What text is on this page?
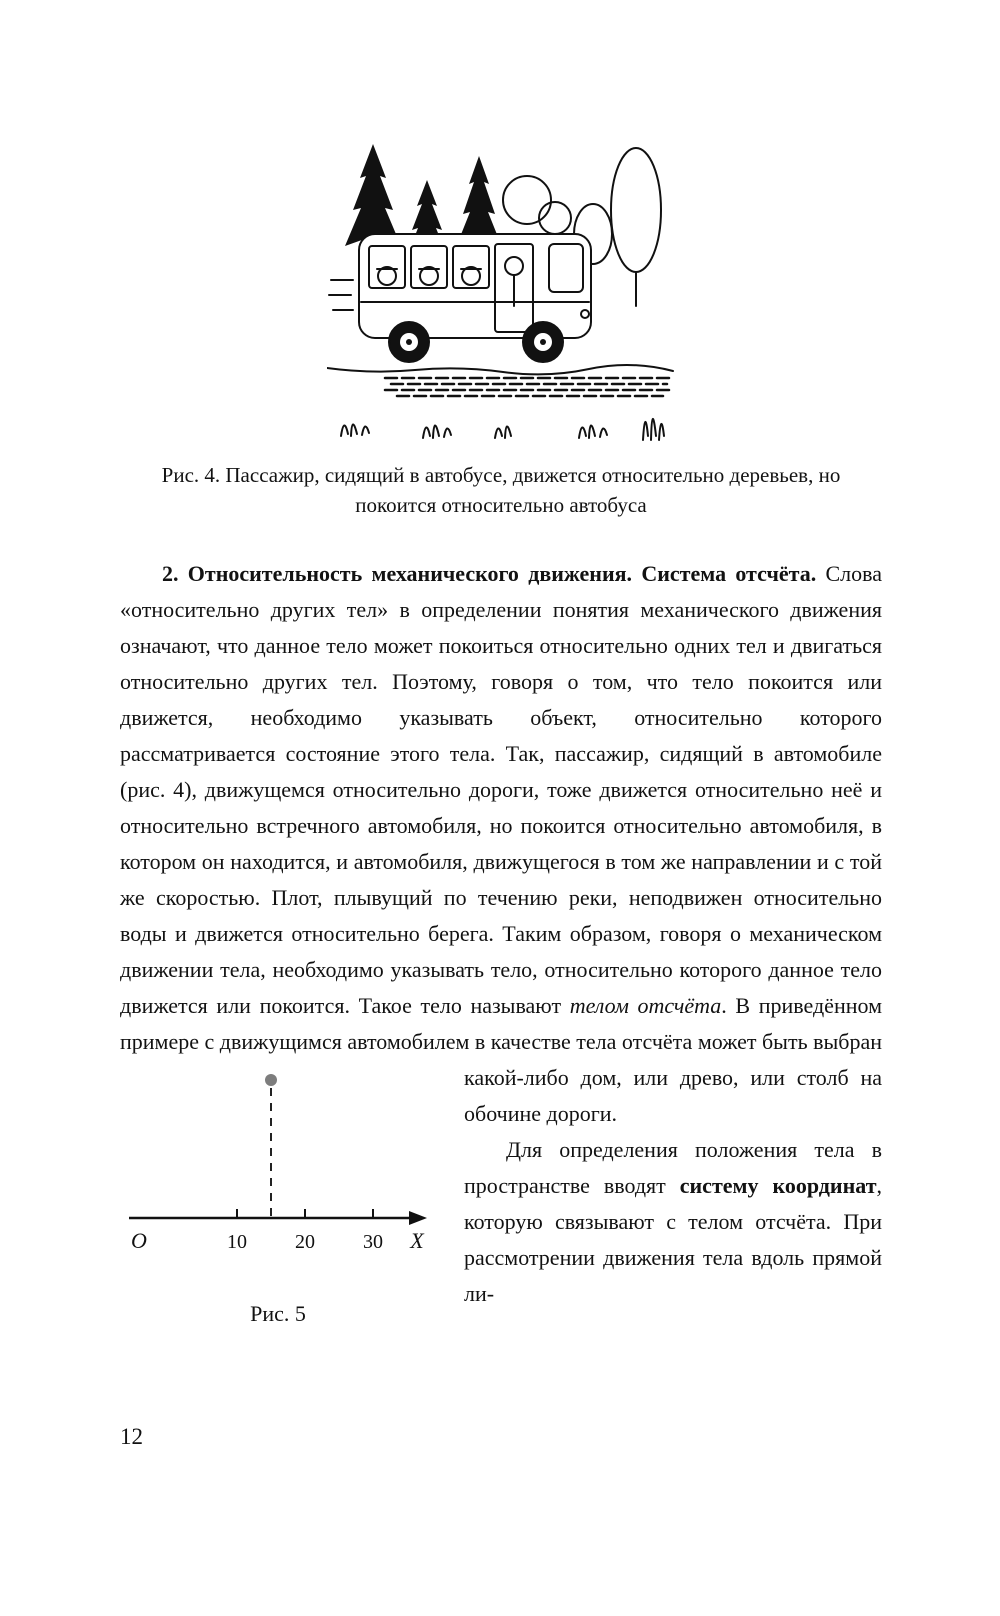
Рис. 4. Пассажир, сидящий в автобусе, движется относительно деревьев, но покоится относительно автобуса

2. Относительность механического движения. Система отсчёта. Слова «относительно других тел» в определении понятия механического движения означают, что данное тело может покоиться относительно одних тел и двигаться относительно других тел. Поэтому, говоря о том, что тело покоится или движется, необходимо указывать объект, относительно которого рассматривается состояние этого тела. Так, пассажир, сидящий в автомобиле (рис. 4), движущемся относительно дороги, тоже движется относительно неё и относительно встречного автомобиля, но покоится относительно автомобиля, в котором он находится, и автомобиля, движущегося в том же направлении и с той же скоростью. Плот, плывущий по течению реки, неподвижен относительно воды и движется относительно берега. Таким образом, говоря о механическом движении тела, необходимо указывать тело, относительно которого данное тело движется или покоится. Такое тело называют телом отсчёта. В приведённом примере с движущимся автомобилем в качестве тела отсчёта
О	10 20 30 X
Рис. 5
может быть выбран какой-либо дом, или древо, или столб на обочине дороги.

Для определения положения тела в пространстве вводят систему координат, которую связывают с телом отсчёта. При рассмотрении движения тела вдоль прямой ли-

12
